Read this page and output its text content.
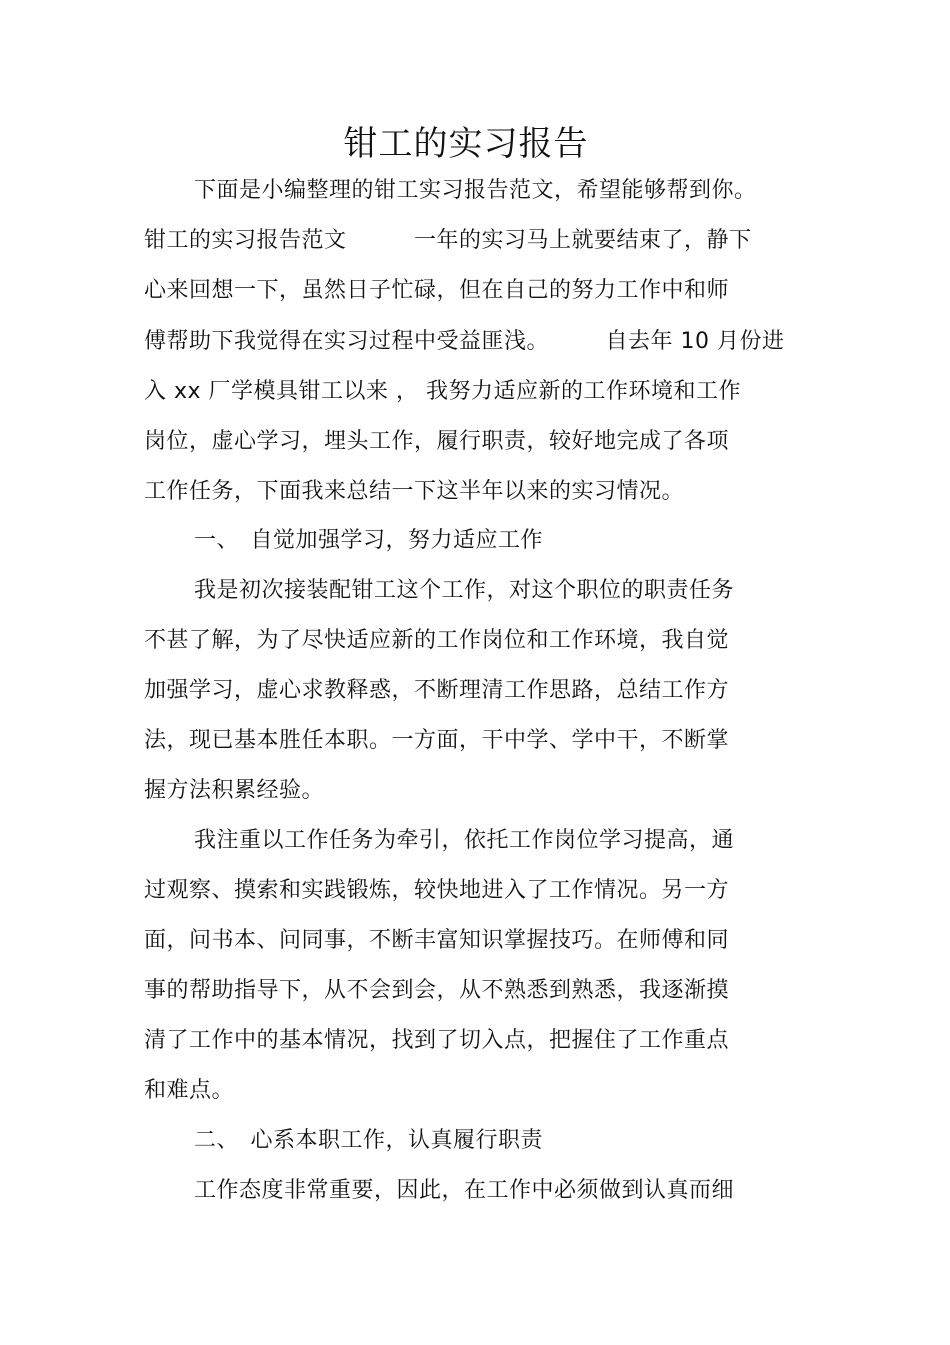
钳工的实习报告
下面是小编整理的钳工实习报告范文，希望能够帮到你。
钳工的实习报告范文　　　一年的实习马上就要结束了，静下
心来回想一下，虽然日子忙碌，但在自己的努力工作中和师
傅帮助下我觉得在实习过程中受益匪浅。　　　自去年 10 月份进
入 xx 厂学模具钳工以来 ， 我努力适应新的工作环境和工作
岗位，虚心学习，埋头工作，履行职责，较好地完成了各项
工作任务，下面我来总结一下这半年以来的实习情况。
一、　自觉加强学习，努力适应工作
我是初次接装配钳工这个工作，对这个职位的职责任务
不甚了解，为了尽快适应新的工作岗位和工作环境，我自觉
加强学习，虚心求教释惑，不断理清工作思路，总结工作方
法，现已基本胜任本职。一方面，干中学、学中干，不断掌
握方法积累经验。
我注重以工作任务为牵引，依托工作岗位学习提高，通
过观察、摸索和实践锻炼，较快地进入了工作情况。另一方
面，问书本、问同事，不断丰富知识掌握技巧。在师傅和同
事的帮助指导下，从不会到会，从不熟悉到熟悉，我逐渐摸
清了工作中的基本情况，找到了切入点，把握住了工作重点
和难点。
二、　心系本职工作，认真履行职责
工作态度非常重要，因此，在工作中必须做到认真而细
